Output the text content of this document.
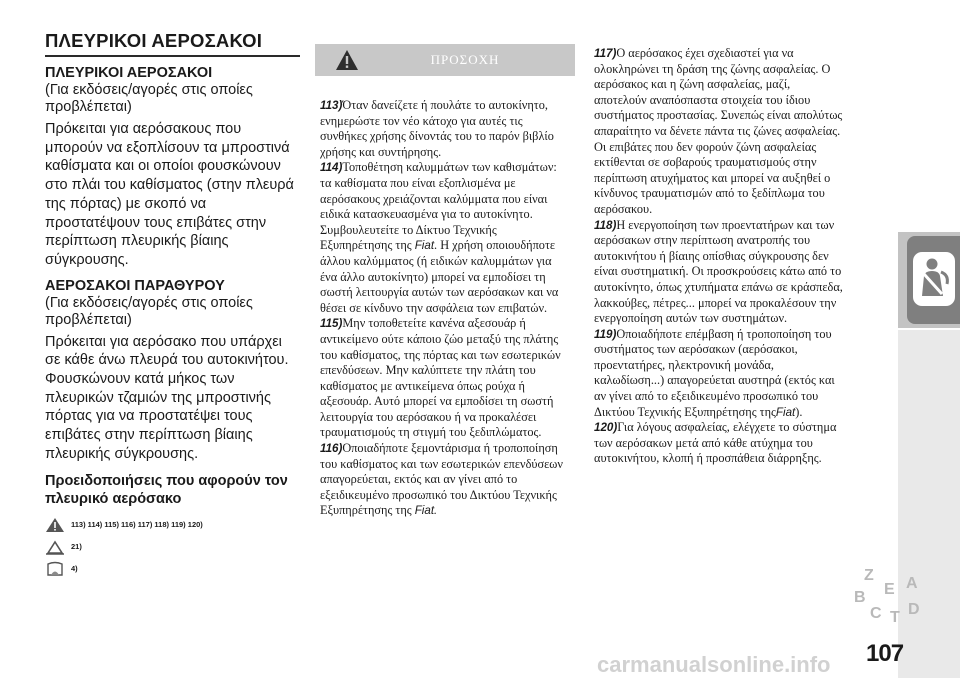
ΠΛΕΥΡΙΚΟΙ ΑΕΡΟΣΑΚΟΙ

ΠΛΕΥΡΙΚΟΙ ΑΕΡΟΣΑΚΟΙ

(Για εκδόσεις/αγορές στις οποίες προβλέπεται)

Πρόκειται για αερόσακους που μπορούν να εξοπλίσουν τα μπροστινά καθίσματα και οι οποίοι φουσκώνουν στο πλάι του καθίσματος (στην πλευρά της πόρτας) με σκοπό να προστατέψουν τους επιβάτες στην περίπτωση πλευρικής βίαιης σύγκρουσης.

ΑΕΡΟΣΑΚΟΙ ΠΑΡΑΘΥΡΟΥ

(Για εκδόσεις/αγορές στις οποίες προβλέπεται)

Πρόκειται για αερόσακο που υπάρχει σε κάθε άνω πλευρά του αυτοκινήτου. Φουσκώνουν κατά μήκος των πλευρικών τζαμιών της μπροστινής πόρτας για να προστατέψει τους επιβάτες στην περίπτωση βίαιης πλευρικής σύγκρουσης.

Προειδοποιήσεις που αφορούν τον πλευρικό αερόσακο

113) 114) 115) 116) 117) 118) 119) 120)
21)
4)
ΠΡΟΣΟΧΗ

113)Όταν δανείζετε ή πουλάτε το αυτοκίνητο, ενημερώστε τον νέο κάτοχο για αυτές τις συνθήκες χρήσης δίνοντάς του το παρόν βιβλίο χρήσης και συντήρησης.

114)Τοποθέτηση καλυμμάτων των καθισμάτων: τα καθίσματα που είναι εξοπλισμένα με αερόσακους χρειάζονται καλύμματα που είναι ειδικά κατασκευασμένα για το αυτοκίνητο. Συμβουλευτείτε το Δίκτυο Τεχνικής Εξυπηρέτησης της Fiat. Η χρήση οποιουδήποτε άλλου καλύμματος (ή ειδικών καλυμμάτων για ένα άλλο αυτοκίνητο) μπορεί να εμποδίσει τη σωστή λειτουργία αυτών των αερόσακων και να θέσει σε κίνδυνο την ασφάλεια των επιβατών.

115)Μην τοποθετείτε κανένα αξεσουάρ ή αντικείμενο ούτε κάποιο ζώο μεταξύ της πλάτης του καθίσματος, της πόρτας και των εσωτερικών επενδύσεων. Μην καλύπτετε την πλάτη του καθίσματος με αντικείμενα όπως ρούχα ή αξεσουάρ. Αυτό μπορεί να εμποδίσει τη σωστή λειτουργία του αερόσακου ή να προκαλέσει τραυματισμούς τη στιγμή του ξεδιπλώματος.

116)Οποιαδήποτε ξεμοντάρισμα ή τροποποίηση του καθίσματος και των εσωτερικών επενδύσεων απαγορεύεται, εκτός και αν γίνει από το εξειδικευμένο προσωπικό του Δικτύου Τεχνικής Εξυπηρέτησης της Fiat.

117)Ο αερόσακος έχει σχεδιαστεί για να ολοκληρώνει τη δράση της ζώνης ασφαλείας. Ο αερόσακος και η ζώνη ασφαλείας, μαζί, αποτελούν αναπόσπαστα στοιχεία του ίδιου συστήματος προστασίας. Συνεπώς είναι απολύτως απαραίτητο να δένετε πάντα τις ζώνες ασφαλείας. Οι επιβάτες που δεν φορούν ζώνη ασφαλείας εκτίθενται σε σοβαρούς τραυματισμούς στην περίπτωση ατυχήματος και μπορεί να αυξηθεί ο κίνδυνος τραυματισμών από το ξεδίπλωμα του αερόσακου.

118)Η ενεργοποίηση των προεντατήρων και των αερόσακων στην περίπτωση ανατροπής του αυτοκινήτου ή βίαιης οπίσθιας σύγκρουσης δεν είναι συστηματική. Οι προσκρούσεις κάτω από το αυτοκίνητο, όπως χτυπήματα επάνω σε κράσπεδα, λακκούβες, πέτρες... μπορεί να προκαλέσουν την ενεργοποίηση αυτών των συστημάτων.

119)Οποιαδήποτε επέμβαση ή τροποποίηση του συστήματος των αερόσακων (αερόσακοι, προεντατήρες, ηλεκτρονική μονάδα, καλωδίωση...) απαγορεύεται αυστηρά (εκτός και αν γίνει από το εξειδικευμένο προσωπικό του Δικτύου Τεχνικής Εξυπηρέτησης τηςFiat).

120)Για λόγους ασφαλείας, ελέγχετε το σύστημα των αερόσακων μετά από κάθε ατύχημα του αυτοκινήτου, κλοπή ή προσπάθεια διάρρηξης.

Z
E
B
C
A
D
T
107
carmanualsonline.info
